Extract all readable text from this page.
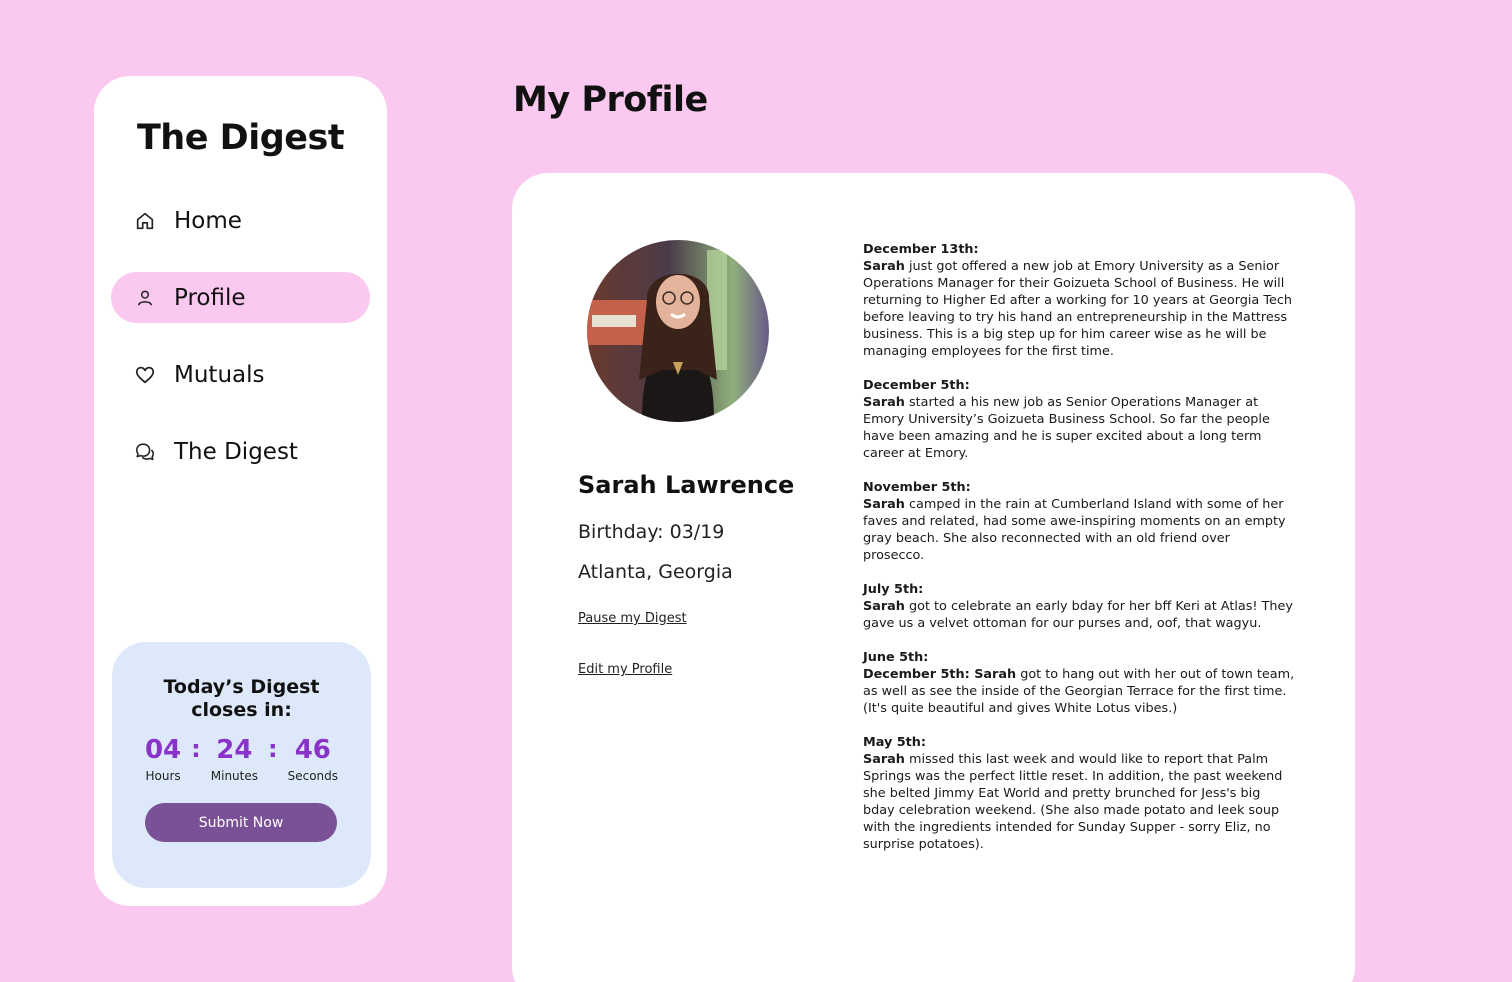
The Digest
Home
Profile
Mutuals
The Digest
Today’s Digest closes in:
04
Hours
: 24
Minutes
: 46
Seconds
Submit Now
My Profile
Sarah Lawrence
Birthday: 03/19
Atlanta, Georgia
Pause my Digest
Edit my Profile
December 13th:
Sarah just got offered a new job at Emory University as a Senior Operations Manager for their Goizueta School of Business. He will returning to Higher Ed after a working for 10 years at Georgia Tech before leaving to try his hand an entrepreneurship in the Mattress business. This is a big step up for him career wise as he will be managing employees for the first time.
December 5th:
Sarah started a his new job as Senior Operations Manager at Emory University’s Goizueta Business School. So far the people have been amazing and he is super excited about a long term career at Emory.
November 5th:
Sarah camped in the rain at Cumberland Island with some of her faves and related, had some awe-inspiring moments on an empty gray beach. She also reconnected with an old friend over prosecco.
July 5th:
Sarah got to celebrate an early bday for her bff Keri at Atlas! They gave us a velvet ottoman for our purses and, oof, that wagyu.
June 5th:
December 5th: Sarah got to hang out with her out of town team, as well as see the inside of the Georgian Terrace for the first time. (It's quite beautiful and gives White Lotus vibes.)
May 5th:
Sarah missed this last week and would like to report that Palm Springs was the perfect little reset. In addition, the past weekend she belted Jimmy Eat World and pretty brunched for Jess's big bday celebration weekend. (She also made potato and leek soup with the ingredients intended for Sunday Supper - sorry Eliz, no surprise potatoes).
